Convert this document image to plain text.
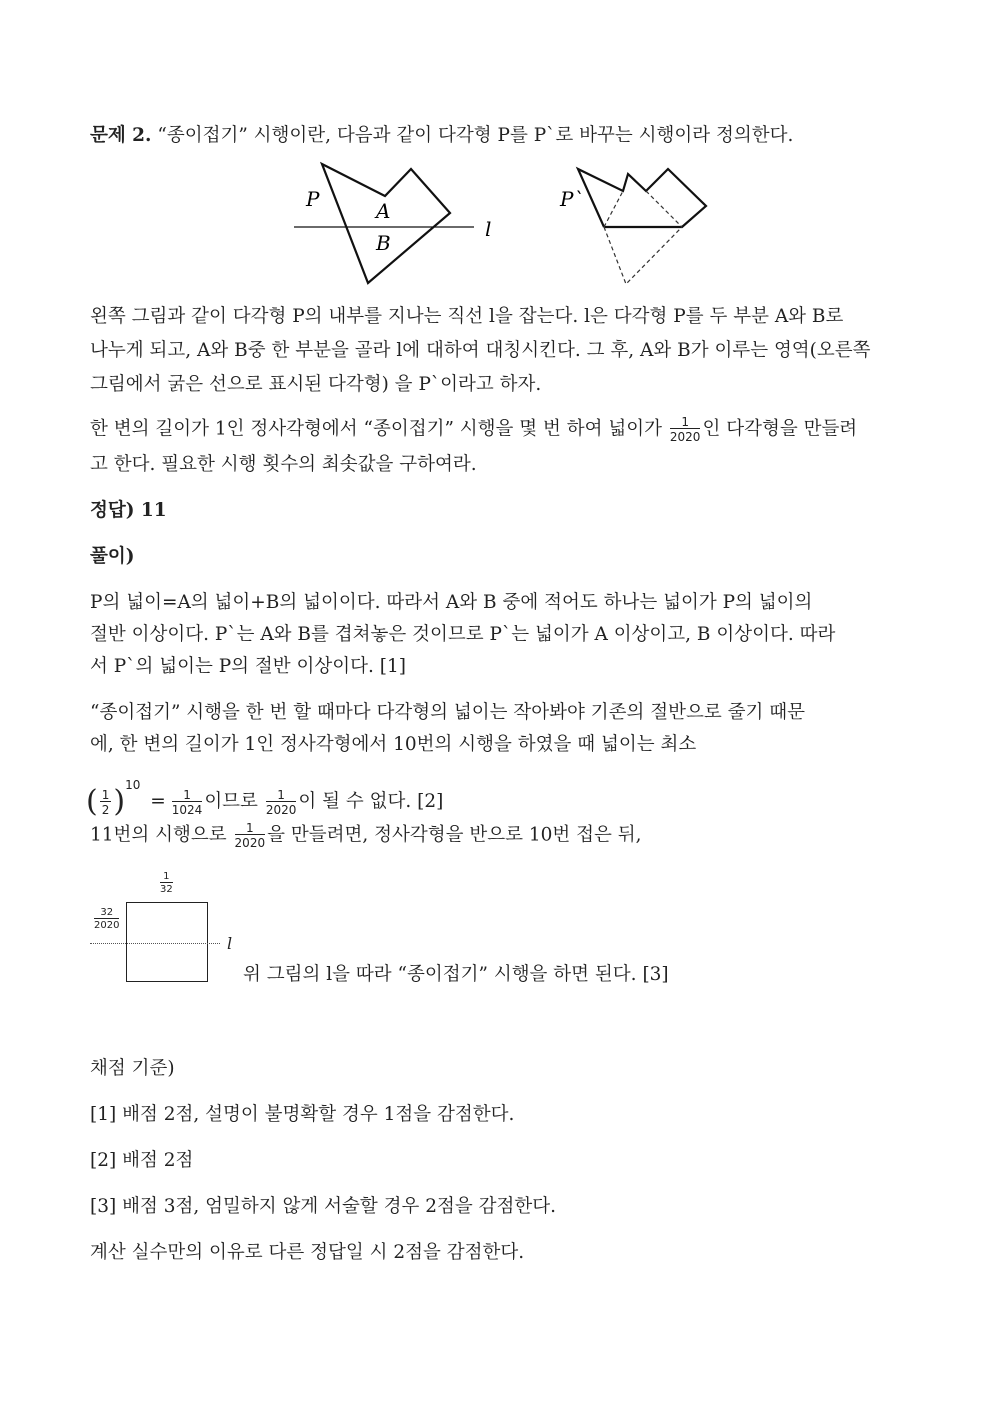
문제 2. “종이접기” 시행이란, 다음과 같이 다각형 P를 P`로 바꾸는 시행이라 정의한다.
P	A
B
l
P`
왼쪽 그림과 같이 다각형 P의 내부를 지나는 직선 l을 잡는다. l은 다각형 P를 두 부분 A와 B로
나누게 되고, A와 B중 한 부분을 골라 l에 대하여 대칭시킨다. 그 후, A와 B가 이루는 영역(오른쪽
그림에서 굵은 선으로 표시된 다각형) 을 P`이라고 하자.
한 변의 길이가 1인 정사각형에서 “종이접기” 시행을 몇 번 하여 넓이가 $\frac{1}{2020}$ 인 다각형을 만들려
고 한다. 필요한 시행 횟수의 최솟값을 구하여라.
정답) 11
풀이)
P의 넓이=A의 넓이+B의 넓이이다. 따라서 A와 B 중에 적어도 하나는 넓이가 P의 넓이의
절반 이상이다. P`는 A와 B를 겹쳐놓은 것이므로 P`는 넓이가 A 이상이고, B 이상이다. 따라
서 P`의 넓이는 P의 절반 이상이다. [1]
“종이접기” 시행을 한 번 할 때마다 다각형의 넓이는 작아봐야 기존의 절반으로 줄기 때문
에, 한 변의 길이가 1인 정사각형에서 10번의 시행을 하였을 때 넓이는 최소
( $\frac{1}{2} )^{10} = \frac{1}{1024}$ 이므로 $\frac{1}{2020}$ 이 될 수 없다. [2]
11번의 시행으로 $\frac{1}{2020}$ 을 만들려면, 정사각형을 반으로 10번 접은 뒤,
$\frac{1}{32}$
$\frac{32}{2020}$
l
위 그림의 l을 따라 “종이접기” 시행을 하면 된다. [3]
채점 기준)
[1] 배점 2점, 설명이 불명확할 경우 1점을 감점한다.
[2] 배점 2점
[3] 배점 3점, 엄밀하지 않게 서술할 경우 2점을 감점한다.
계산 실수만의 이유로 다른 정답일 시 2점을 감점한다.
